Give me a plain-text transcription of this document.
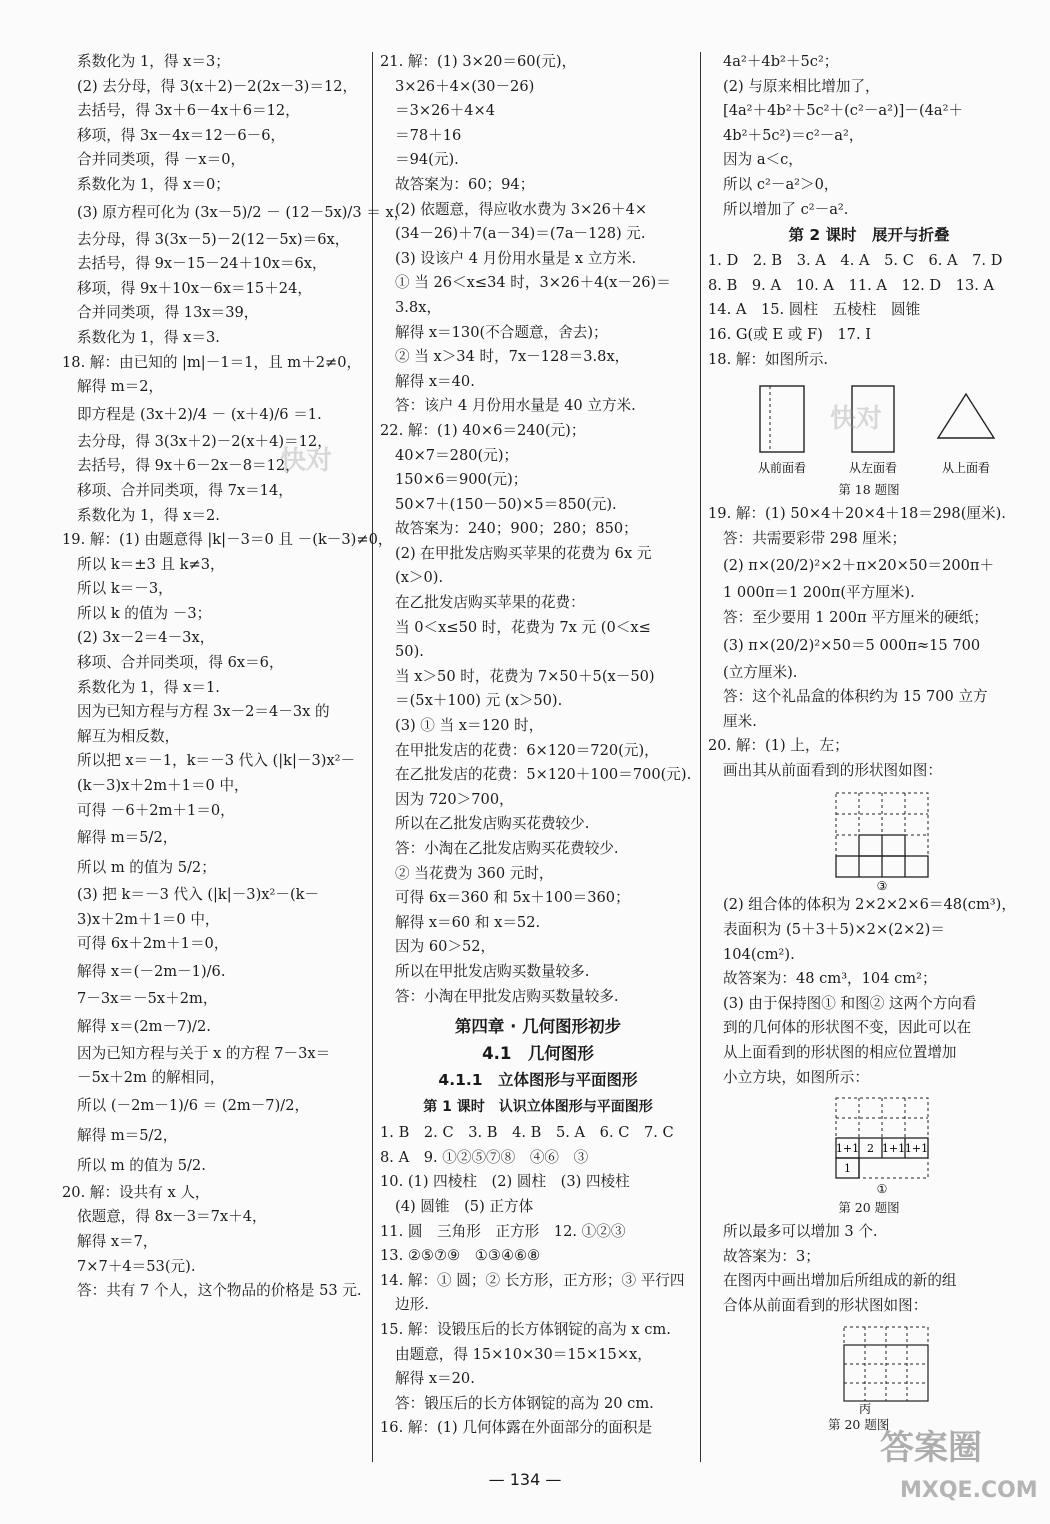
系数化为 1，得 x＝3；
(2) 去分母，得 3(x＋2)－2(2x－3)＝12，
去括号，得 3x＋6－4x＋6＝12，
移项，得 3x－4x＝12－6－6，
合并同类项，得 －x＝0，
系数化为 1，得 x＝0；
(3) 原方程可化为 (3x－5)/2 － (12－5x)/3 ＝ x，
去分母，得 3(3x－5)－2(12－5x)＝6x，
去括号，得 9x－15－24＋10x＝6x，
移项，得 9x＋10x－6x＝15＋24，
合并同类项，得 13x＝39，
系数化为 1，得 x＝3.
18. 解：由已知的 |m|－1＝1，且 m＋2≠0，
解得 m＝2，
即方程是 (3x＋2)/4 － (x＋4)/6 ＝1.
去分母，得 3(3x＋2)－2(x＋4)＝12，
去括号，得 9x＋6－2x－8＝12，
移项、合并同类项，得 7x＝14，
系数化为 1，得 x＝2.
19. 解：(1) 由题意得 |k|－3＝0 且 －(k－3)≠0，
所以 k＝±3 且 k≠3，
所以 k＝－3，
所以 k 的值为 －3；
(2) 3x－2＝4－3x，
移项、合并同类项，得 6x＝6，
系数化为 1，得 x＝1.
因为已知方程与方程 3x－2＝4－3x 的
解互为相反数，
所以把 x＝－1，k＝－3 代入 (|k|－3)x²－
(k－3)x＋2m＋1＝0 中，
可得 －6＋2m＋1＝0，
解得 m＝5/2，
所以 m 的值为 5/2；
(3) 把 k＝－3 代入 (|k|－3)x²－(k－
3)x＋2m＋1＝0 中，
可得 6x＋2m＋1＝0，
解得 x＝(－2m－1)/6.
7－3x＝－5x＋2m，
解得 x＝(2m－7)/2.
因为已知方程与关于 x 的方程 7－3x＝
－5x＋2m 的解相同，
所以 (－2m－1)/6 ＝ (2m－7)/2，
解得 m＝5/2，
所以 m 的值为 5/2.
20. 解：设共有 x 人，
依题意，得 8x－3＝7x＋4，
解得 x＝7，
7×7＋4＝53(元).
答：共有 7 个人，这个物品的价格是 53 元.
21. 解：(1) 3×20＝60(元)，
3×26＋4×(30－26)
＝3×26＋4×4
＝78＋16
＝94(元).
故答案为：60；94；
(2) 依题意，得应收水费为 3×26＋4×
(34－26)＋7(a－34)＝(7a－128) 元.
(3) 设该户 4 月份用水量是 x 立方米.
① 当 26＜x≤34 时，3×26＋4(x－26)＝
3.8x，
解得 x＝130(不合题意，舍去)；
② 当 x＞34 时，7x－128＝3.8x，
解得 x＝40.
答：该户 4 月份用水量是 40 立方米.
22. 解：(1) 40×6＝240(元)；
40×7＝280(元)；
150×6＝900(元)；
50×7＋(150－50)×5＝850(元).
故答案为：240；900；280；850；
(2) 在甲批发店购买苹果的花费为 6x 元
(x＞0).
在乙批发店购买苹果的花费：
当 0＜x≤50 时，花费为 7x 元 (0＜x≤
50).
当 x＞50 时，花费为 7×50＋5(x－50)
＝(5x＋100) 元 (x＞50).
(3) ① 当 x＝120 时，
在甲批发店的花费：6×120＝720(元)，
在乙批发店的花费：5×120＋100＝700(元).
因为 720＞700，
所以在乙批发店购买花费较少.
答：小淘在乙批发店购买花费较少.
② 当花费为 360 元时，
可得 6x＝360 和 5x＋100＝360；
解得 x＝60 和 x＝52.
因为 60＞52，
所以在甲批发店购买数量较多.
答：小淘在甲批发店购买数量较多.
第四章 · 几何图形初步
4.1　几何图形
4.1.1　立体图形与平面图形
第 1 课时　认识立体图形与平面图形
1. B　2. C　3. B　4. B　5. A　6. C　7. C
8. A　9. ①②⑤⑦⑧　④⑥　③
10. (1) 四棱柱　(2) 圆柱　(3) 四棱柱
(4) 圆锥　(5) 正方体
11. 圆　三角形　正方形　12. ①②③
13. ②⑤⑦⑨　①③④⑥⑧
14. 解：① 圆；② 长方形，正方形；③ 平行四
边形.
15. 解：设锻压后的长方体钢锭的高为 x cm.
由题意，得 15×10×30＝15×15×x，
解得 x＝20.
答：锻压后的长方体钢锭的高为 20 cm.
16. 解：(1) 几何体露在外面部分的面积是
4a²＋4b²＋5c²；
(2) 与原来相比增加了，
[4a²＋4b²＋5c²＋(c²－a²)]－(4a²＋
4b²＋5c²)＝c²－a²，
因为 a＜c，
所以 c²－a²＞0，
所以增加了 c²－a².
第 2 课时　展开与折叠
1. D　2. B　3. A　4. A　5. C　6. A　7. D
8. B　9. A　10. A　11. A　12. D　13. A
14. A　15. 圆柱　五棱柱　圆锥
16. G(或 E 或 F)　17. I
18. 解：如图所示.
从前面看	从左面看	从上面看
第 18 题图
19. 解：(1) 50×4＋20×4＋18＝298(厘米).
答：共需要彩带 298 厘米；
(2) π×(20/2)²×2＋π×20×50＝200π＋
1 000π＝1 200π(平方厘米).
答：至少要用 1 200π 平方厘米的硬纸；
(3) π×(20/2)²×50＝5 000π≈15 700
(立方厘米).
答：这个礼品盒的体积约为 15 700 立方
厘米.
20. 解：(1) 上，左；
画出其从前面看到的形状图如图：
③
(2) 组合体的体积为 2×2×2×6＝48(cm³)，
表面积为 (5＋3＋5)×2×(2×2)＝
104(cm²).
故答案为：48 cm³，104 cm²；
(3) 由于保持图① 和图② 这两个方向看
到的几何体的形状图不变，因此可以在
从上面看到的形状图的相应位置增加
小立方块，如图所示：
1+1 2 1+1 1+1
1
①
第 20 题图
所以最多可以增加 3 个.
故答案为：3；
在图丙中画出增加后所组成的新的组
合体从前面看到的形状图如图：
丙
第 20 题图
— 134 —
快对
快对
答案圈
MXQE.COM
